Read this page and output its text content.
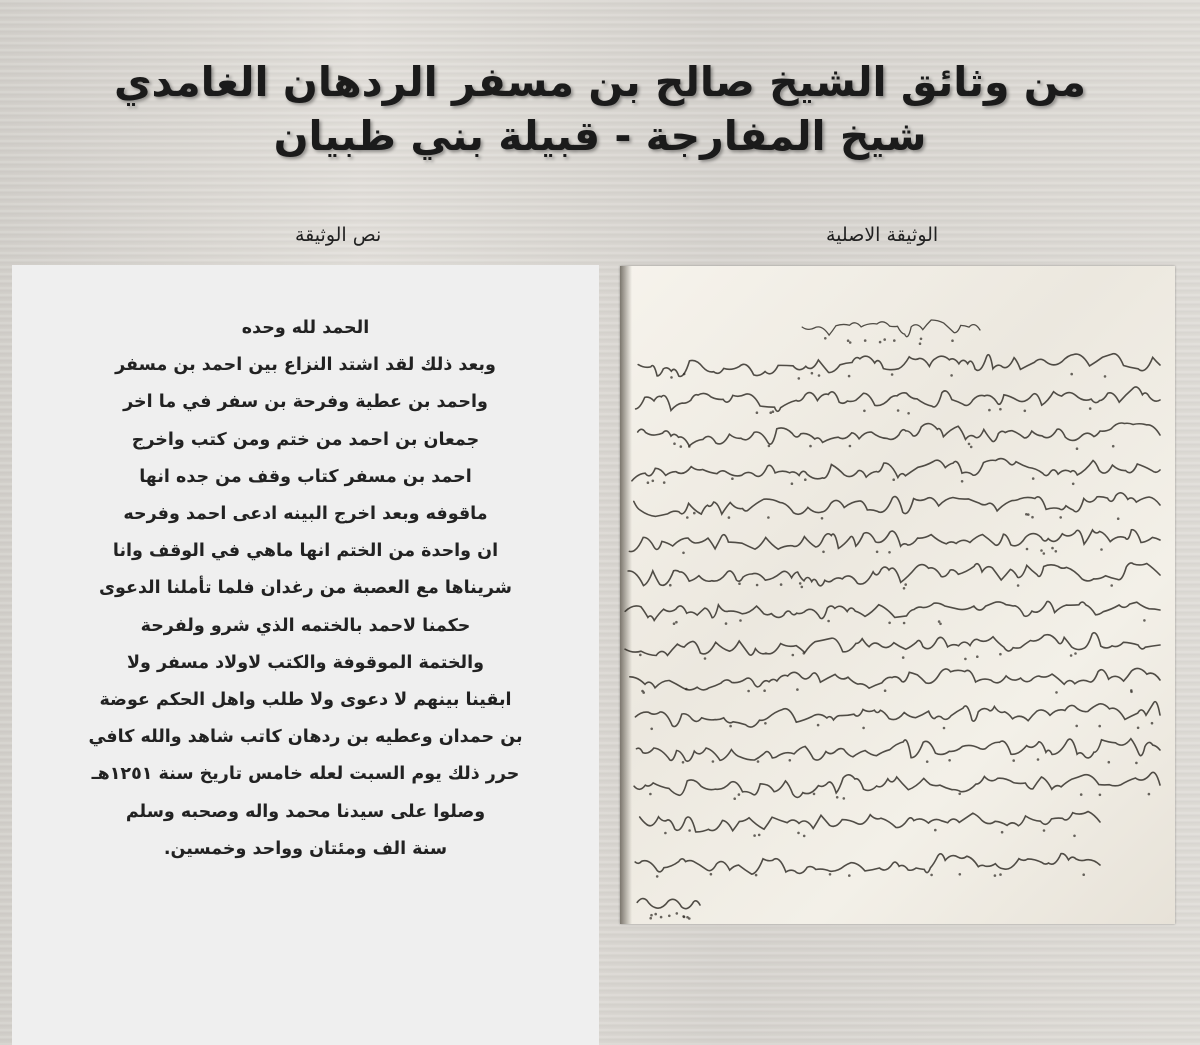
من وثائق الشيخ صالح بن مسفر الردهان الغامدي
شيخ المفارجة - قبيلة بني ظبيان
الوثيقة الاصلية
نص الوثيقة
الحمد لله وحده
وبعد ذلك لقد اشتد النزاع بين احمد بن مسفر
واحمد بن عطية وفرحة بن سفر في ما اخر
جمعان بن احمد من ختم ومن كتب واخرج
احمد بن مسفر كتاب وقف من جده انها
ماقوفه وبعد اخرج البينه ادعى احمد وفرحه
ان واحدة من الختم انها ماهي في الوقف وانا
شريناها مع العصبة من رغدان فلما تأملنا الدعوى
حكمنا لاحمد بالختمه الذي شرو ولفرحة
والختمة الموقوفة والكتب لاولاد مسفر ولا
ابقينا بينهم لا دعوى ولا طلب واهل الحكم عوضة
بن حمدان وعطيه بن ردهان كاتب شاهد والله كافي
حرر ذلك يوم السبت لعله خامس تاريخ سنة ١٢٥١هـ
وصلوا على سيدنا محمد واله وصحبه وسلم
سنة الف ومئتان وواحد وخمسين.
